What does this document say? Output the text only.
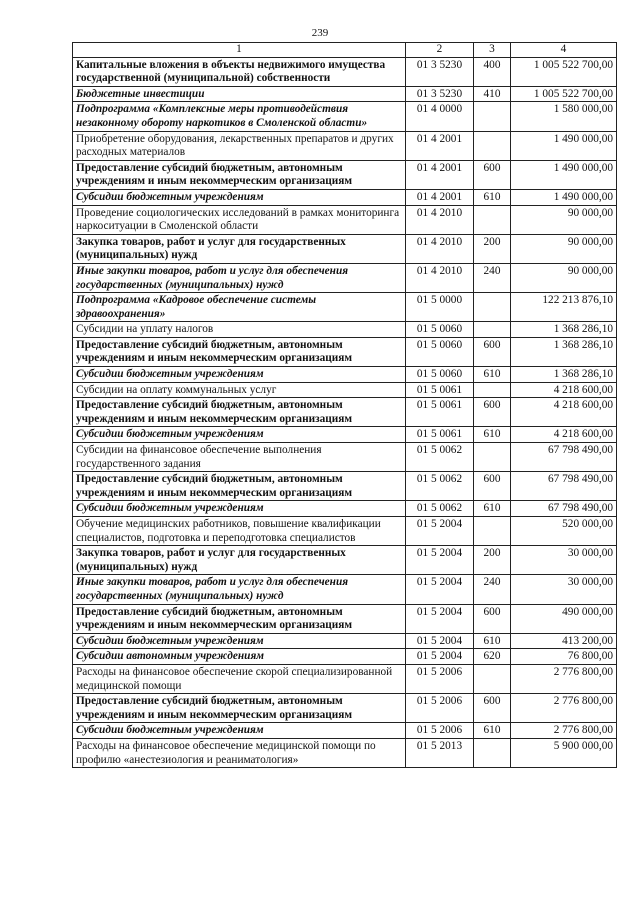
239
1	2	3	4
Капитальные вложения в объекты недвижимого имущества государственной (муниципальной) собственности	01 3 5230	400	1 005 522 700,00
Бюджетные инвестиции	01 3 5230	410	1 005 522 700,00
Подпрограмма «Комплексные меры противодействия незаконному обороту наркотиков в Смоленской области»	01 4 0000		1 580 000,00
Приобретение оборудования, лекарственных препаратов и других расходных материалов	01 4 2001		1 490 000,00
Предоставление субсидий бюджетным, автономным учреждениям и иным некоммерческим организациям	01 4 2001	600	1 490 000,00
Субсидии бюджетным учреждениям	01 4 2001	610	1 490 000,00
Проведение социологических исследований в рамках мониторинга наркоситуации в Смоленской области	01 4 2010		90 000,00
Закупка товаров, работ и услуг для государственных (муниципальных) нужд	01 4 2010	200	90 000,00
Иные закупки товаров, работ и услуг для обеспечения государственных (муниципальных) нужд	01 4 2010	240	90 000,00
Подпрограмма «Кадровое обеспечение системы здравоохранения»	01 5 0000		122 213 876,10
Субсидии на уплату налогов	01 5 0060		1 368 286,10
Предоставление субсидий бюджетным, автономным учреждениям и иным некоммерческим организациям	01 5 0060	600	1 368 286,10
Субсидии бюджетным учреждениям	01 5 0060	610	1 368 286,10
Субсидии на оплату коммунальных услуг	01 5 0061		4 218 600,00
Предоставление субсидий бюджетным, автономным учреждениям и иным некоммерческим организациям	01 5 0061	600	4 218 600,00
Субсидии бюджетным учреждениям	01 5 0061	610	4 218 600,00
Субсидии на финансовое обеспечение выполнения государственного задания	01 5 0062		67 798 490,00
Предоставление субсидий бюджетным, автономным учреждениям и иным некоммерческим организациям	01 5 0062	600	67 798 490,00
Субсидии бюджетным учреждениям	01 5 0062	610	67 798 490,00
Обучение медицинских работников, повышение квалификации специалистов, подготовка и переподготовка специалистов	01 5 2004		520 000,00
Закупка товаров, работ и услуг для государственных (муниципальных) нужд	01 5 2004	200	30 000,00
Иные закупки товаров, работ и услуг для обеспечения государственных (муниципальных) нужд	01 5 2004	240	30 000,00
Предоставление субсидий бюджетным, автономным учреждениям и иным некоммерческим организациям	01 5 2004	600	490 000,00
Субсидии бюджетным учреждениям	01 5 2004	610	413 200,00
Субсидии автономным учреждениям	01 5 2004	620	76 800,00
Расходы на финансовое обеспечение скорой специализированной медицинской помощи	01 5 2006		2 776 800,00
Предоставление субсидий бюджетным, автономным учреждениям и иным некоммерческим организациям	01 5 2006	600	2 776 800,00
Субсидии бюджетным учреждениям	01 5 2006	610	2 776 800,00
Расходы на финансовое обеспечение медицинской помощи по профилю «анестезиология и реаниматология»	01 5 2013		5 900 000,00
